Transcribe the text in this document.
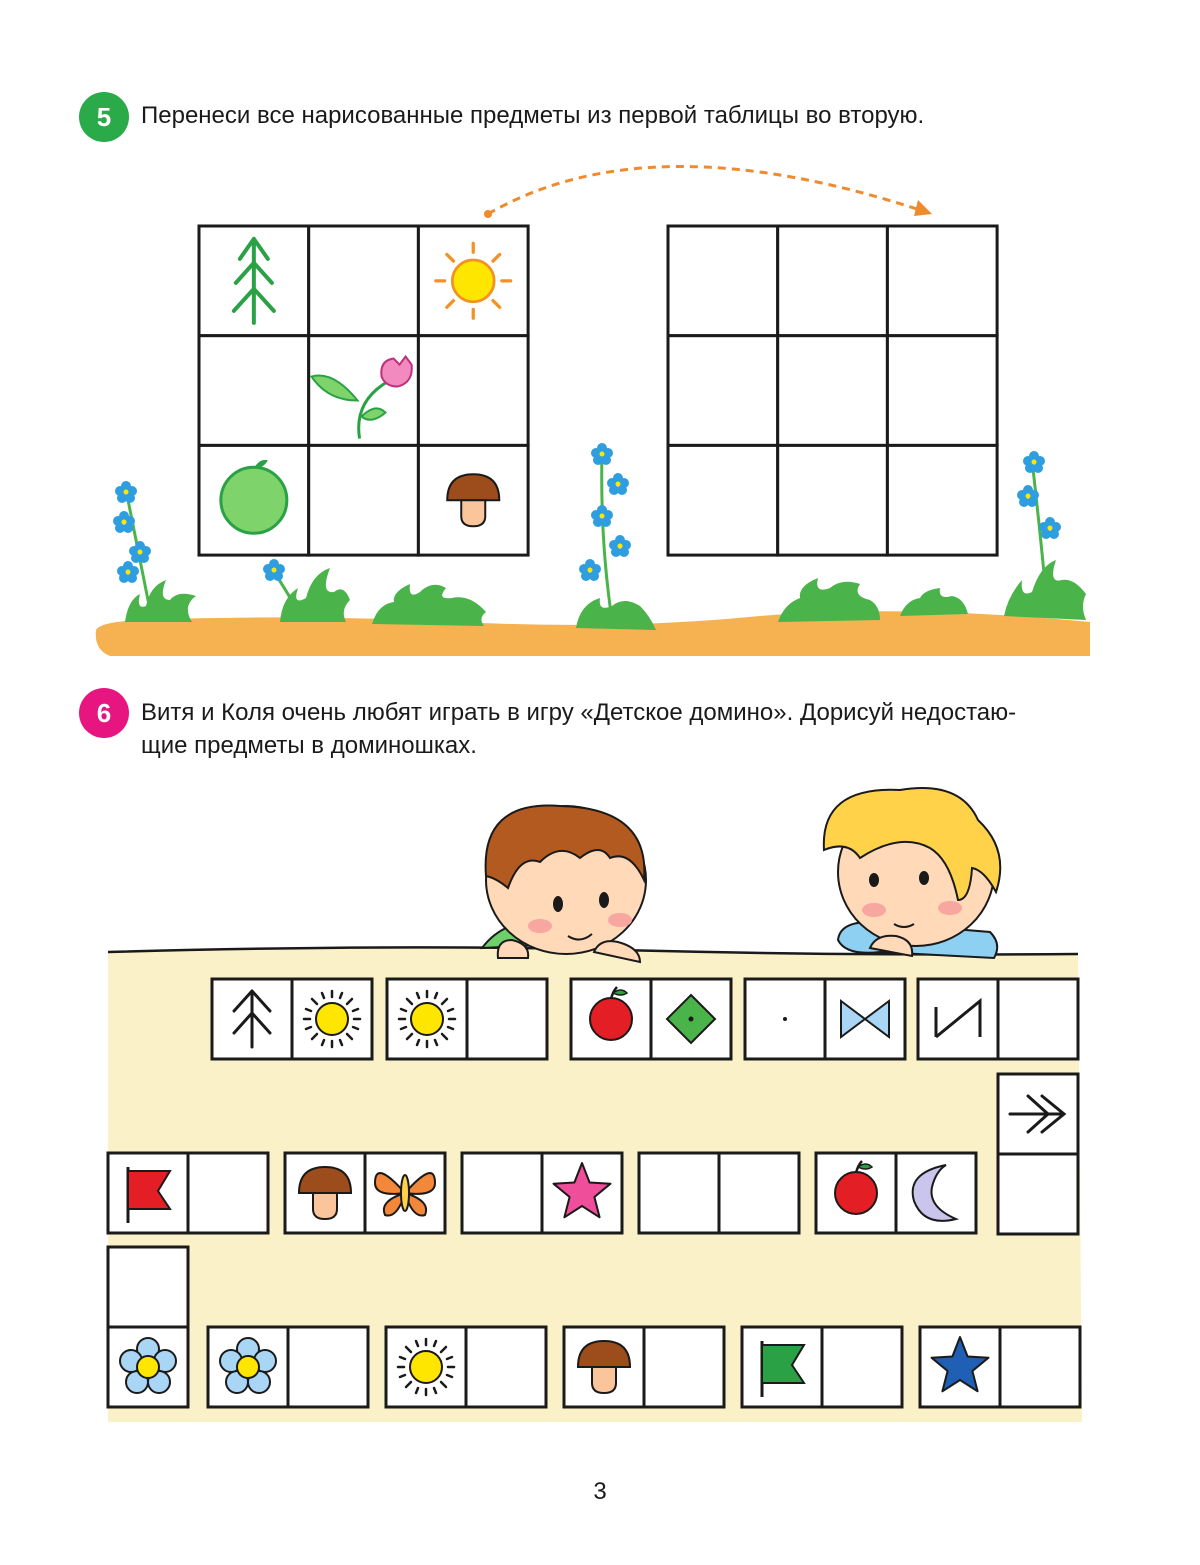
5 Перенеси все нарисованные предметы из первой таблицы во вторую.
6 Витя и Коля очень любят играть в игру «Детское домино». Дорисуй недостаю-
щие предметы в доминошках.
3
